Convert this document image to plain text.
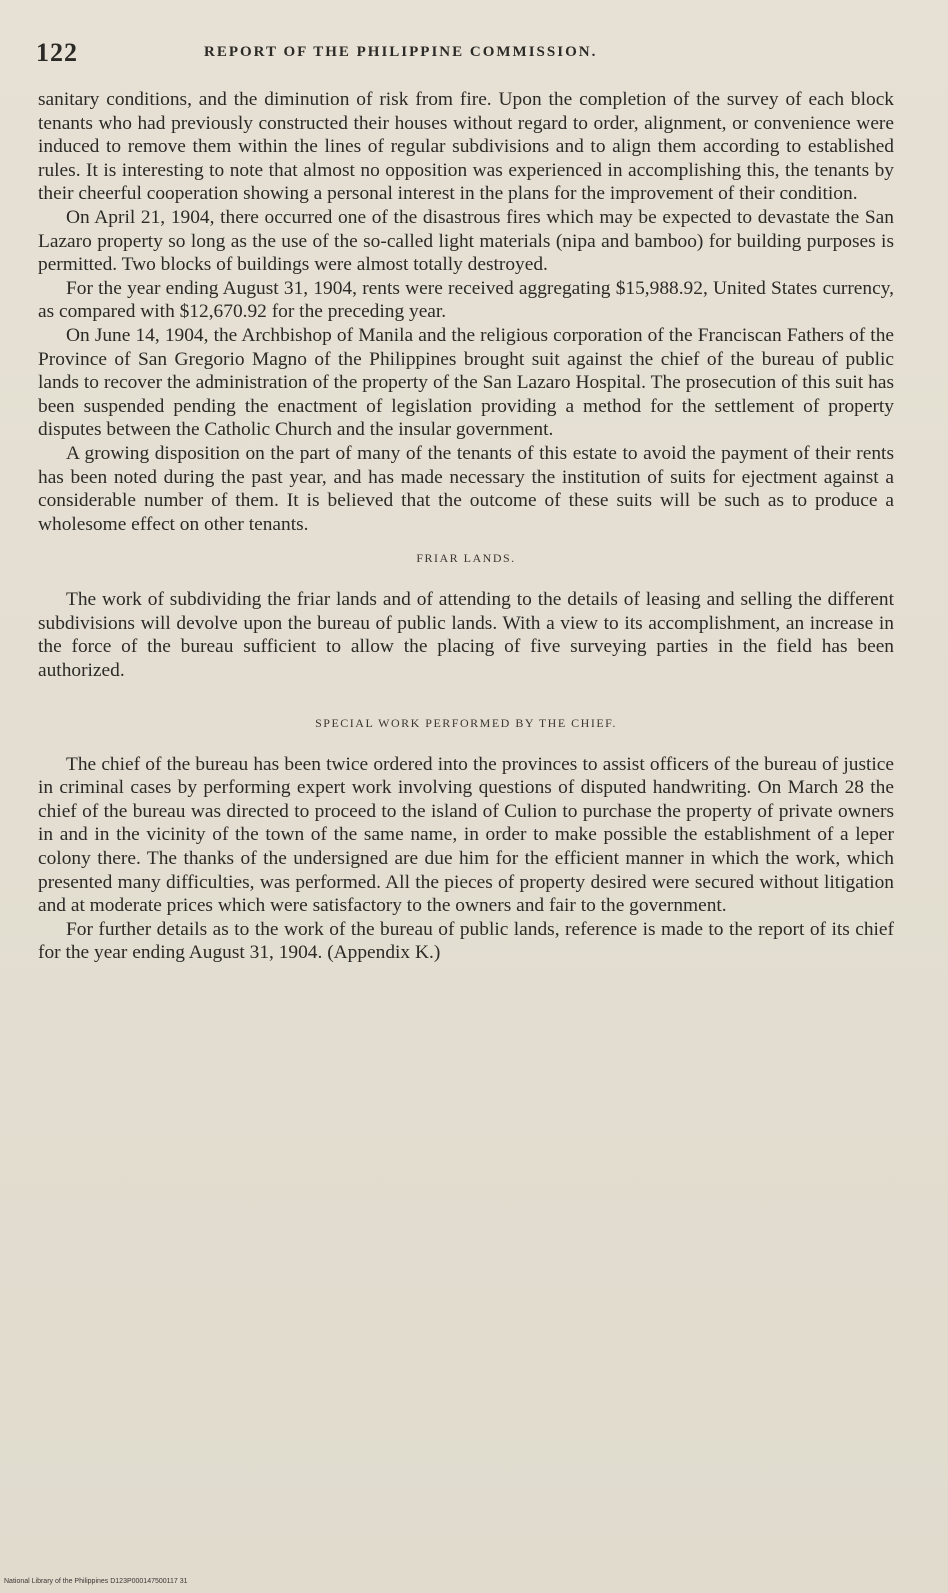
122	REPORT OF THE PHILIPPINE COMMISSION.

sanitary conditions, and the diminution of risk from fire. Upon the completion of the survey of each block tenants who had previously constructed their houses without regard to order, alignment, or convenience were induced to remove them within the lines of regular subdivisions and to align them according to established rules. It is interesting to note that almost no opposition was experienced in accomplishing this, the tenants by their cheerful cooperation showing a personal interest in the plans for the improvement of their condition.

On April 21, 1904, there occurred one of the disastrous fires which may be expected to devastate the San Lazaro property so long as the use of the so-called light materials (nipa and bamboo) for building purposes is permitted. Two blocks of buildings were almost totally destroyed.

For the year ending August 31, 1904, rents were received aggregating $15,988.92, United States currency, as compared with $12,670.92 for the preceding year.

On June 14, 1904, the Archbishop of Manila and the religious corporation of the Franciscan Fathers of the Province of San Gregorio Magno of the Philippines brought suit against the chief of the bureau of public lands to recover the administration of the property of the San Lazaro Hospital. The prosecution of this suit has been suspended pending the enactment of legislation providing a method for the settlement of property disputes between the Catholic Church and the insular government.

A growing disposition on the part of many of the tenants of this estate to avoid the payment of their rents has been noted during the past year, and has made necessary the institution of suits for ejectment against a considerable number of them. It is believed that the outcome of these suits will be such as to produce a wholesome effect on other tenants.

FRIAR LANDS.

The work of subdividing the friar lands and of attending to the details of leasing and selling the different subdivisions will devolve upon the bureau of public lands. With a view to its accomplishment, an increase in the force of the bureau sufficient to allow the placing of five surveying parties in the field has been authorized.

SPECIAL WORK PERFORMED BY THE CHIEF.

The chief of the bureau has been twice ordered into the provinces to assist officers of the bureau of justice in criminal cases by performing expert work involving questions of disputed handwriting. On March 28 the chief of the bureau was directed to proceed to the island of Culion to purchase the property of private owners in and in the vicinity of the town of the same name, in order to make possible the establishment of a leper colony there. The thanks of the undersigned are due him for the efficient manner in which the work, which presented many difficulties, was performed. All the pieces of property desired were secured without litigation and at moderate prices which were satisfactory to the owners and fair to the government.

For further details as to the work of the bureau of public lands, reference is made to the report of its chief for the year ending August 31, 1904. (Appendix K.)

National Library of the Philippines D123P000147500117 31
